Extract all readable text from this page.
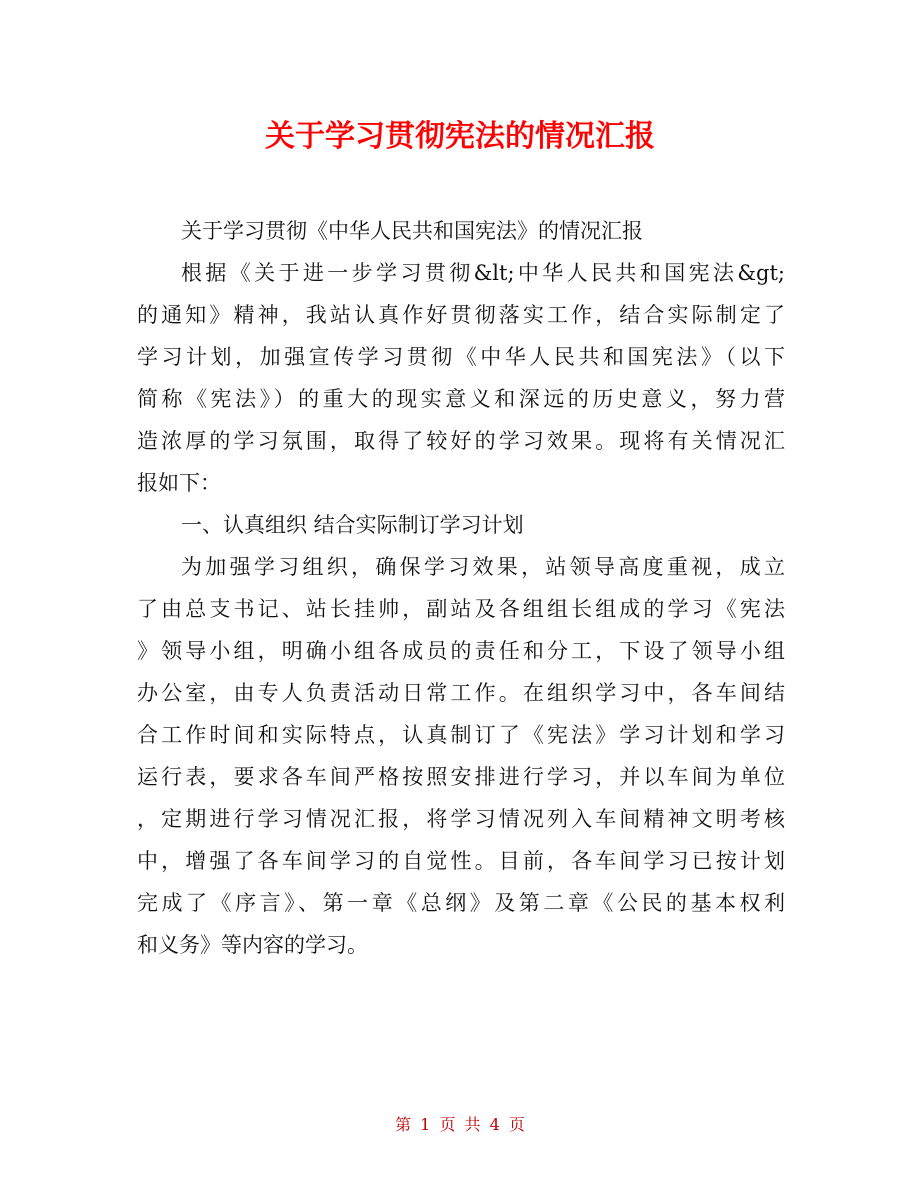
关于学习贯彻宪法的情况汇报
关于学习贯彻《中华人民共和国宪法》的情况汇报
根据《关于进一步学习贯彻&lt;中华人民共和国宪法&gt;
的通知》精神，我站认真作好贯彻落实工作，结合实际制定了
学习计划，加强宣传学习贯彻《中华人民共和国宪法》（以下
简称《宪法》）的重大的现实意义和深远的历史意义，努力营
造浓厚的学习氛围，取得了较好的学习效果。现将有关情况汇
报如下：
一、认真组织 结合实际制订学习计划
为加强学习组织，确保学习效果，站领导高度重视，成立
了由总支书记、站长挂帅，副站及各组组长组成的学习《宪法
》领导小组，明确小组各成员的责任和分工，下设了领导小组
办公室，由专人负责活动日常工作。在组织学习中，各车间结
合工作时间和实际特点，认真制订了《宪法》学习计划和学习
运行表，要求各车间严格按照安排进行学习，并以车间为单位
，定期进行学习情况汇报，将学习情况列入车间精神文明考核
中，增强了各车间学习的自觉性。目前，各车间学习已按计划
完成了《序言》、第一章《总纲》及第二章《公民的基本权利
和义务》等内容的学习。
第 1 页 共 4 页
